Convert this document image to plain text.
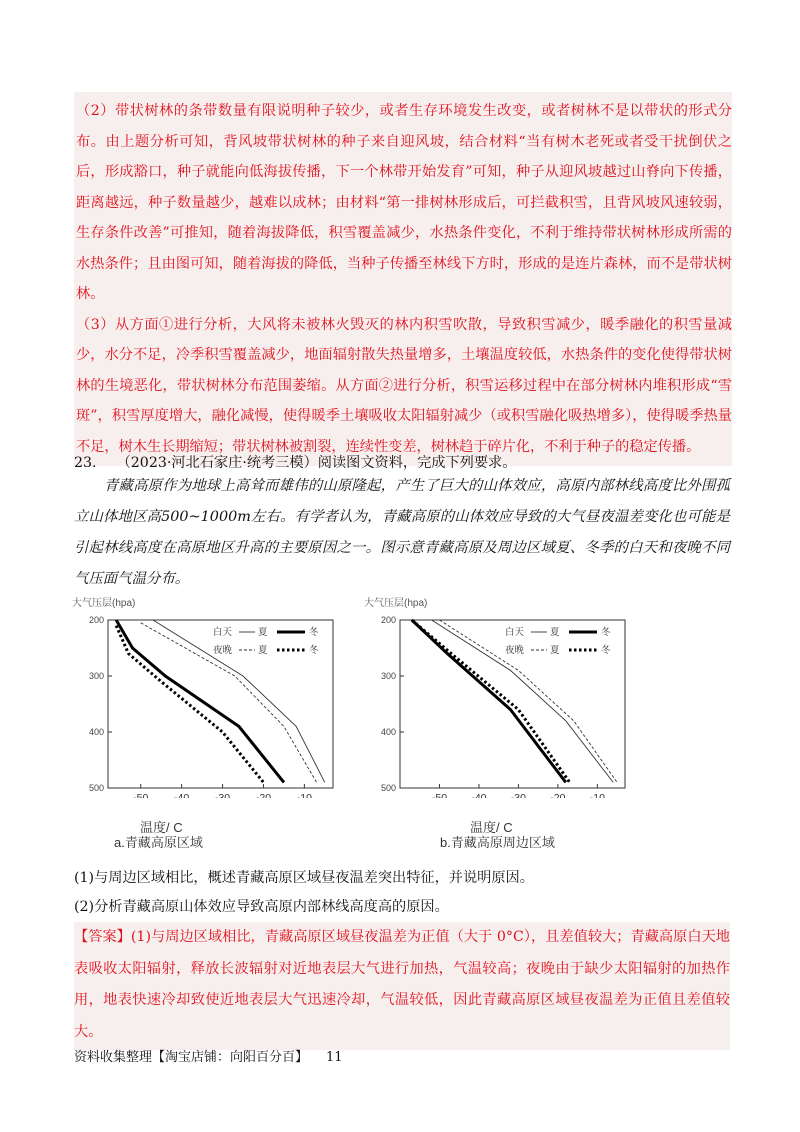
（2）带状树林的条带数量有限说明种子较少，或者生存环境发生改变，或者树林不是以带状的形式分布。由上题分析可知，背风坡带状树林的种子来自迎风坡，结合材料“当有树木老死或者受干扰倒伏之后，形成豁口，种子就能向低海拔传播，下一个林带开始发育”可知，种子从迎风坡越过山脊向下传播，距离越远，种子数量越少，越难以成林；由材料“第一排树林形成后，可拦截积雪，且背风坡风速较弱，生存条件改善”可推知，随着海拔降低，积雪覆盖减少，水热条件变化，不利于维持带状树林形成所需的水热条件；且由图可知，随着海拔的降低，当种子传播至林线下方时，形成的是连片森林，而不是带状树林。

（3）从方面①进行分析，大风将未被林火毁灭的林内积雪吹散，导致积雪减少，暖季融化的积雪量减少，水分不足，冷季积雪覆盖减少，地面辐射散失热量增多，土壤温度较低，水热条件的变化使得带状树林的生境恶化，带状树林分布范围萎缩。从方面②进行分析，积雪运移过程中在部分树林内堆积形成“雪斑”，积雪厚度增大，融化减慢，使得暖季土壤吸收太阳辐射减少（或积雪融化吸热增多），使得暖季热量不足，树木生长期缩短；带状树林被割裂，连续性变差，树林趋于碎片化，不利于种子的稳定传播。

23. （2023·河北石家庄·统考三模）阅读图文资料，完成下列要求。

青藏高原作为地球上高耸而雄伟的山原隆起，产生了巨大的山体效应，高原内部林线高度比外围孤立山体地区高500~1000m左右。有学者认为，青藏高原的山体效应导致的大气昼夜温差变化也可能是引起林线高度在高原地区升高的主要原因之一。图示意青藏高原及周边区域夏、冬季的白天和夜晚不同气压面气温分布。

大气压层(hpa)
200
300
400
500
-50 -40 -30 -20 -10
白天
夜晚
夏
夏
冬
冬
温度/ C
a.青藏高原区域
大气压层(hpa)
200
300
400
500
-50 -40 -30 -20 -10
白天
夜晚
夏
夏
冬
冬
温度/ C
b.青藏高原周边区域

(1)与周边区域相比，概述青藏高原区域昼夜温差突出特征，并说明原因。

(2)分析青藏高原山体效应导致高原内部林线高度高的原因。

【答案】(1)与周边区域相比，青藏高原区域昼夜温差为正值（大于 0°C），且差值较大；青藏高原白天地表吸收太阳辐射，释放长波辐射对近地表层大气进行加热，气温较高；夜晚由于缺少太阳辐射的加热作用，地表快速冷却致使近地表层大气迅速冷却，气温较低，因此青藏高原区域昼夜温差为正值且差值较大。

资料收集整理【淘宝店铺：向阳百分百】 11
